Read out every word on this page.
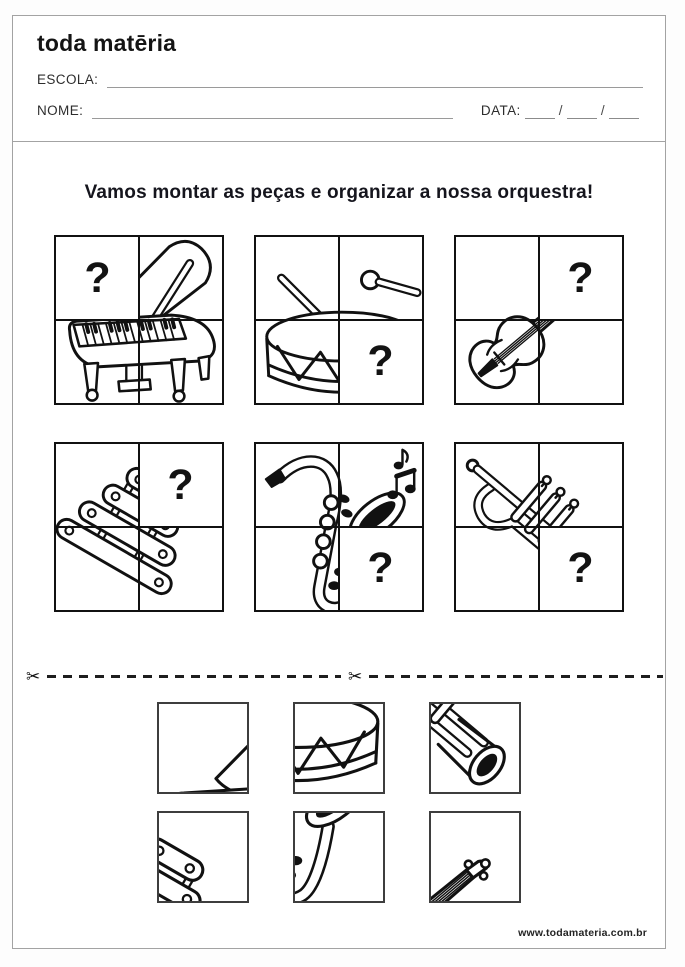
toda matēria
ESCOLA:
NOME:	DATA:	/	/
Vamos montar as peças e organizar a nossa orquestra!
?
?
?
?
?	?
✂	✂
www.todamateria.com.br
